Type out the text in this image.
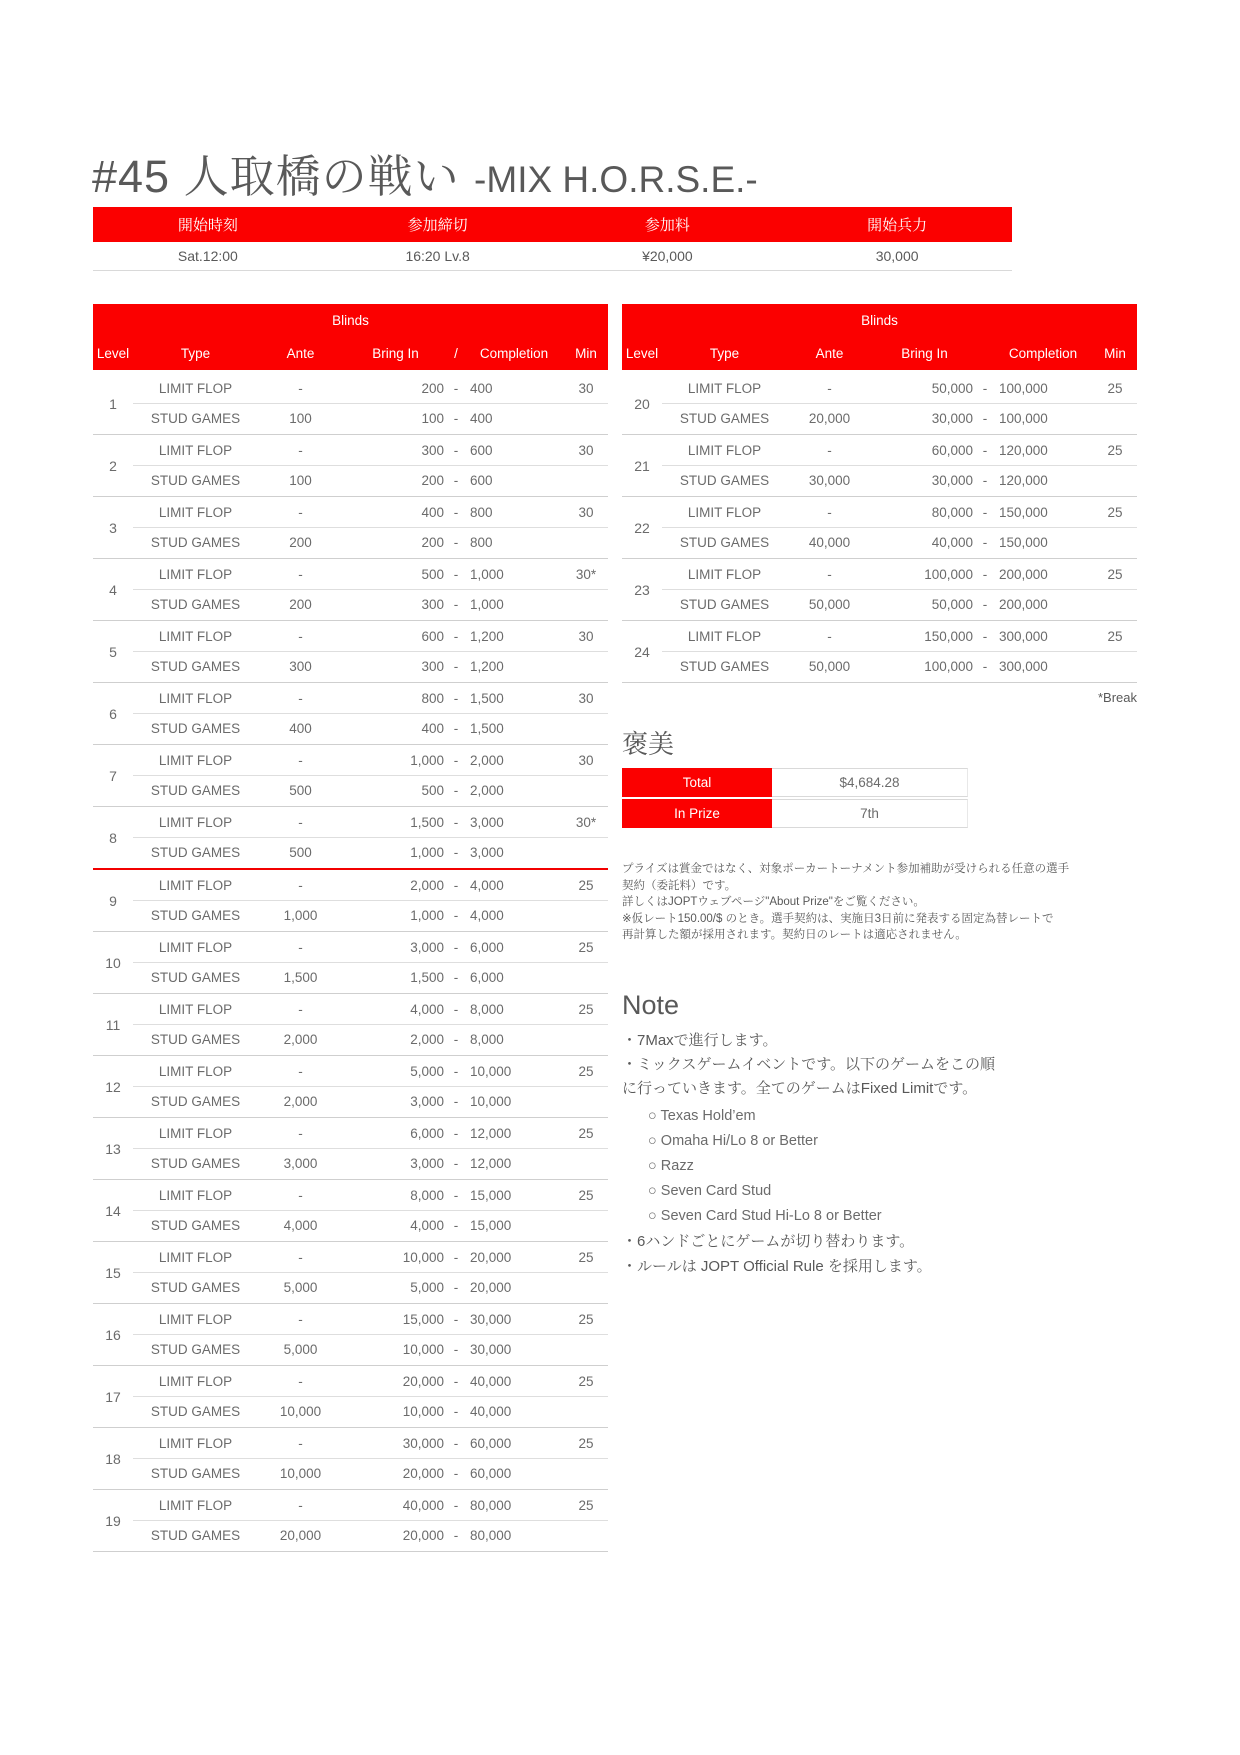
#45 人取橋の戦い -MIX H.O.R.S.E.-
開始時刻	参加締切	参加料	開始兵力
Sat.12:00	16:20 Lv.8	¥20,000	30,000
Blinds
Level	Type	Ante	Bring In	/	Completion	Min
1
LIMIT FLOP	-	200 - 400	30
STUD GAMES	100	100 - 400
2
LIMIT FLOP	-	300 - 600	30
STUD GAMES	100	200 - 600
3
LIMIT FLOP	-	400 - 800	30
STUD GAMES	200	200 - 800
4
LIMIT FLOP	-	500 - 1,000	30*
STUD GAMES	200	300 - 1,000
5
LIMIT FLOP	-	600 - 1,200	30
STUD GAMES	300	300 - 1,200
6
LIMIT FLOP	-	800 - 1,500	30
STUD GAMES	400	400 - 1,500
7
LIMIT FLOP	-	1,000 - 2,000	30
STUD GAMES	500	500 - 2,000
8
LIMIT FLOP	-	1,500 - 3,000	30*
STUD GAMES	500	1,000 - 3,000
9
LIMIT FLOP	-	2,000 - 4,000	25
STUD GAMES	1,000	1,000 - 4,000
10
LIMIT FLOP	-	3,000 - 6,000	25
STUD GAMES	1,500	1,500 - 6,000
11
LIMIT FLOP	-	4,000 - 8,000	25
STUD GAMES	2,000	2,000 - 8,000
12
LIMIT FLOP	-	5,000 - 10,000	25
STUD GAMES	2,000	3,000 - 10,000
13
LIMIT FLOP	-	6,000 - 12,000	25
STUD GAMES	3,000	3,000 - 12,000
14
LIMIT FLOP	-	8,000 - 15,000	25
STUD GAMES	4,000	4,000 - 15,000
15
LIMIT FLOP	-	10,000 - 20,000	25
STUD GAMES	5,000	5,000 - 20,000
16
LIMIT FLOP	-	15,000 - 30,000	25
STUD GAMES	5,000	10,000 - 30,000
17
LIMIT FLOP	-	20,000 - 40,000	25
STUD GAMES	10,000	10,000 - 40,000
18
LIMIT FLOP	-	30,000 - 60,000	25
STUD GAMES	10,000	20,000 - 60,000
19
LIMIT FLOP	-	40,000 - 80,000	25
STUD GAMES	20,000	20,000 - 80,000
Blinds
Level	Type	Ante	Bring In	Completion	Min
20
LIMIT FLOP	-	50,000 - 100,000	25
STUD GAMES	20,000	30,000 - 100,000
21
LIMIT FLOP	-	60,000 - 120,000	25
STUD GAMES	30,000	30,000 - 120,000
22
LIMIT FLOP	-	80,000 - 150,000	25
STUD GAMES	40,000	40,000 - 150,000
23
LIMIT FLOP	-	100,000 - 200,000	25
STUD GAMES	50,000	50,000 - 200,000
24
LIMIT FLOP	-	150,000 - 300,000	25
STUD GAMES	50,000	100,000 - 300,000
*Break
褒美
Total	$4,684.28
In Prize	7th
プライズは賞金ではなく、対象ポーカートーナメント参加補助が受けられる任意の選手
契約（委託料）です。
詳しくはJOPTウェブページ"About Prize"をご覧ください。
※仮レート150.00/$ のとき。選手契約は、実施日3日前に発表する固定為替レートで
再計算した額が採用されます。契約日のレートは適応されません。
Note
・7Maxで進行します。
・ミックスゲームイベントです。以下のゲームをこの順
に行っていきます。全てのゲームはFixed Limitです。
○ Texas Hold’em
○ Omaha Hi/Lo 8 or Better
○ Razz
○ Seven Card Stud
○ Seven Card Stud Hi-Lo 8 or Better
・6ハンドごとにゲームが切り替わります。
・ルールは JOPT Official Rule を採用します。
